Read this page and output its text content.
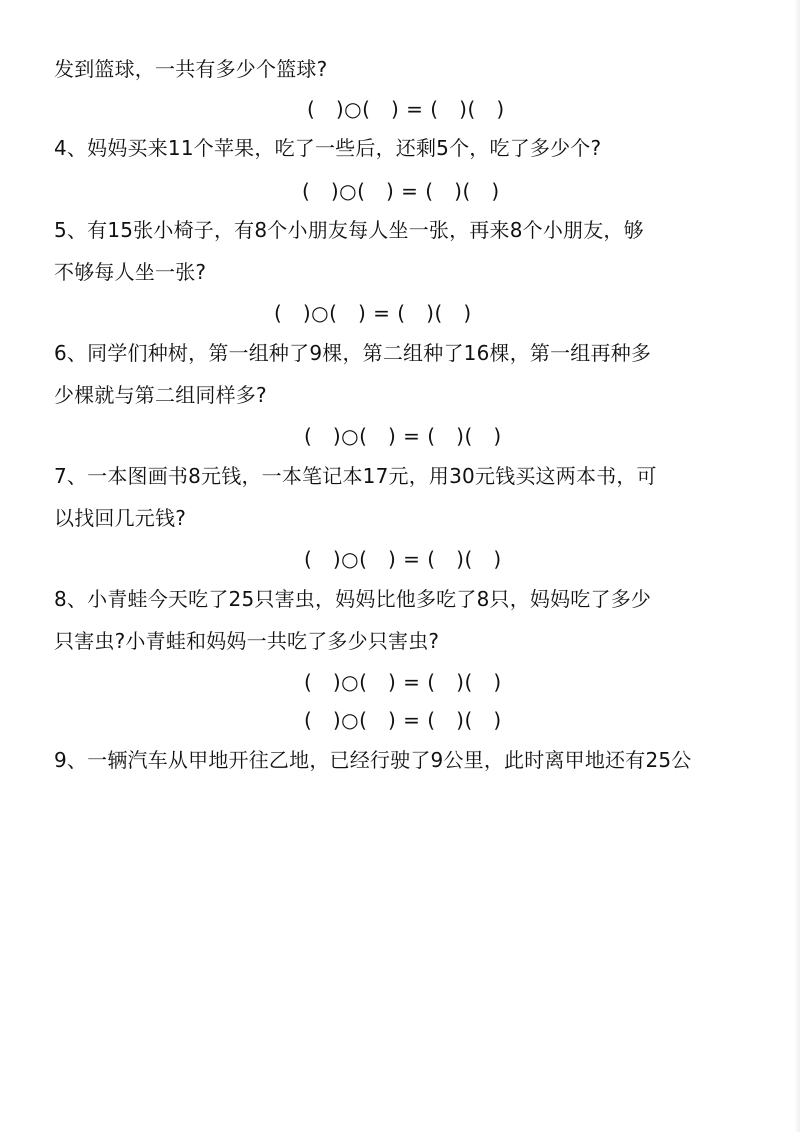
发到篮球，一共有多少个篮球?
(   )○(   ) = (   )(   )
4、妈妈买来11个苹果，吃了一些后，还剩5个，吃了多少个?
(   )○(   ) = (   )(   )
5、有15张小椅子，有8个小朋友每人坐一张，再来8个小朋友，够
不够每人坐一张?
(   )○(   ) = (   )(   )
6、同学们种树，第一组种了9棵，第二组种了16棵，第一组再种多
少棵就与第二组同样多?
(   )○(   ) = (   )(   )
7、一本图画书8元钱，一本笔记本17元，用30元钱买这两本书，可
以找回几元钱?
(   )○(   ) = (   )(   )
8、小青蛙今天吃了25只害虫，妈妈比他多吃了8只，妈妈吃了多少
只害虫?小青蛙和妈妈一共吃了多少只害虫?
(   )○(   ) = (   )(   )
(   )○(   ) = (   )(   )
9、一辆汽车从甲地开往乙地，已经行驶了9公里，此时离甲地还有25公
